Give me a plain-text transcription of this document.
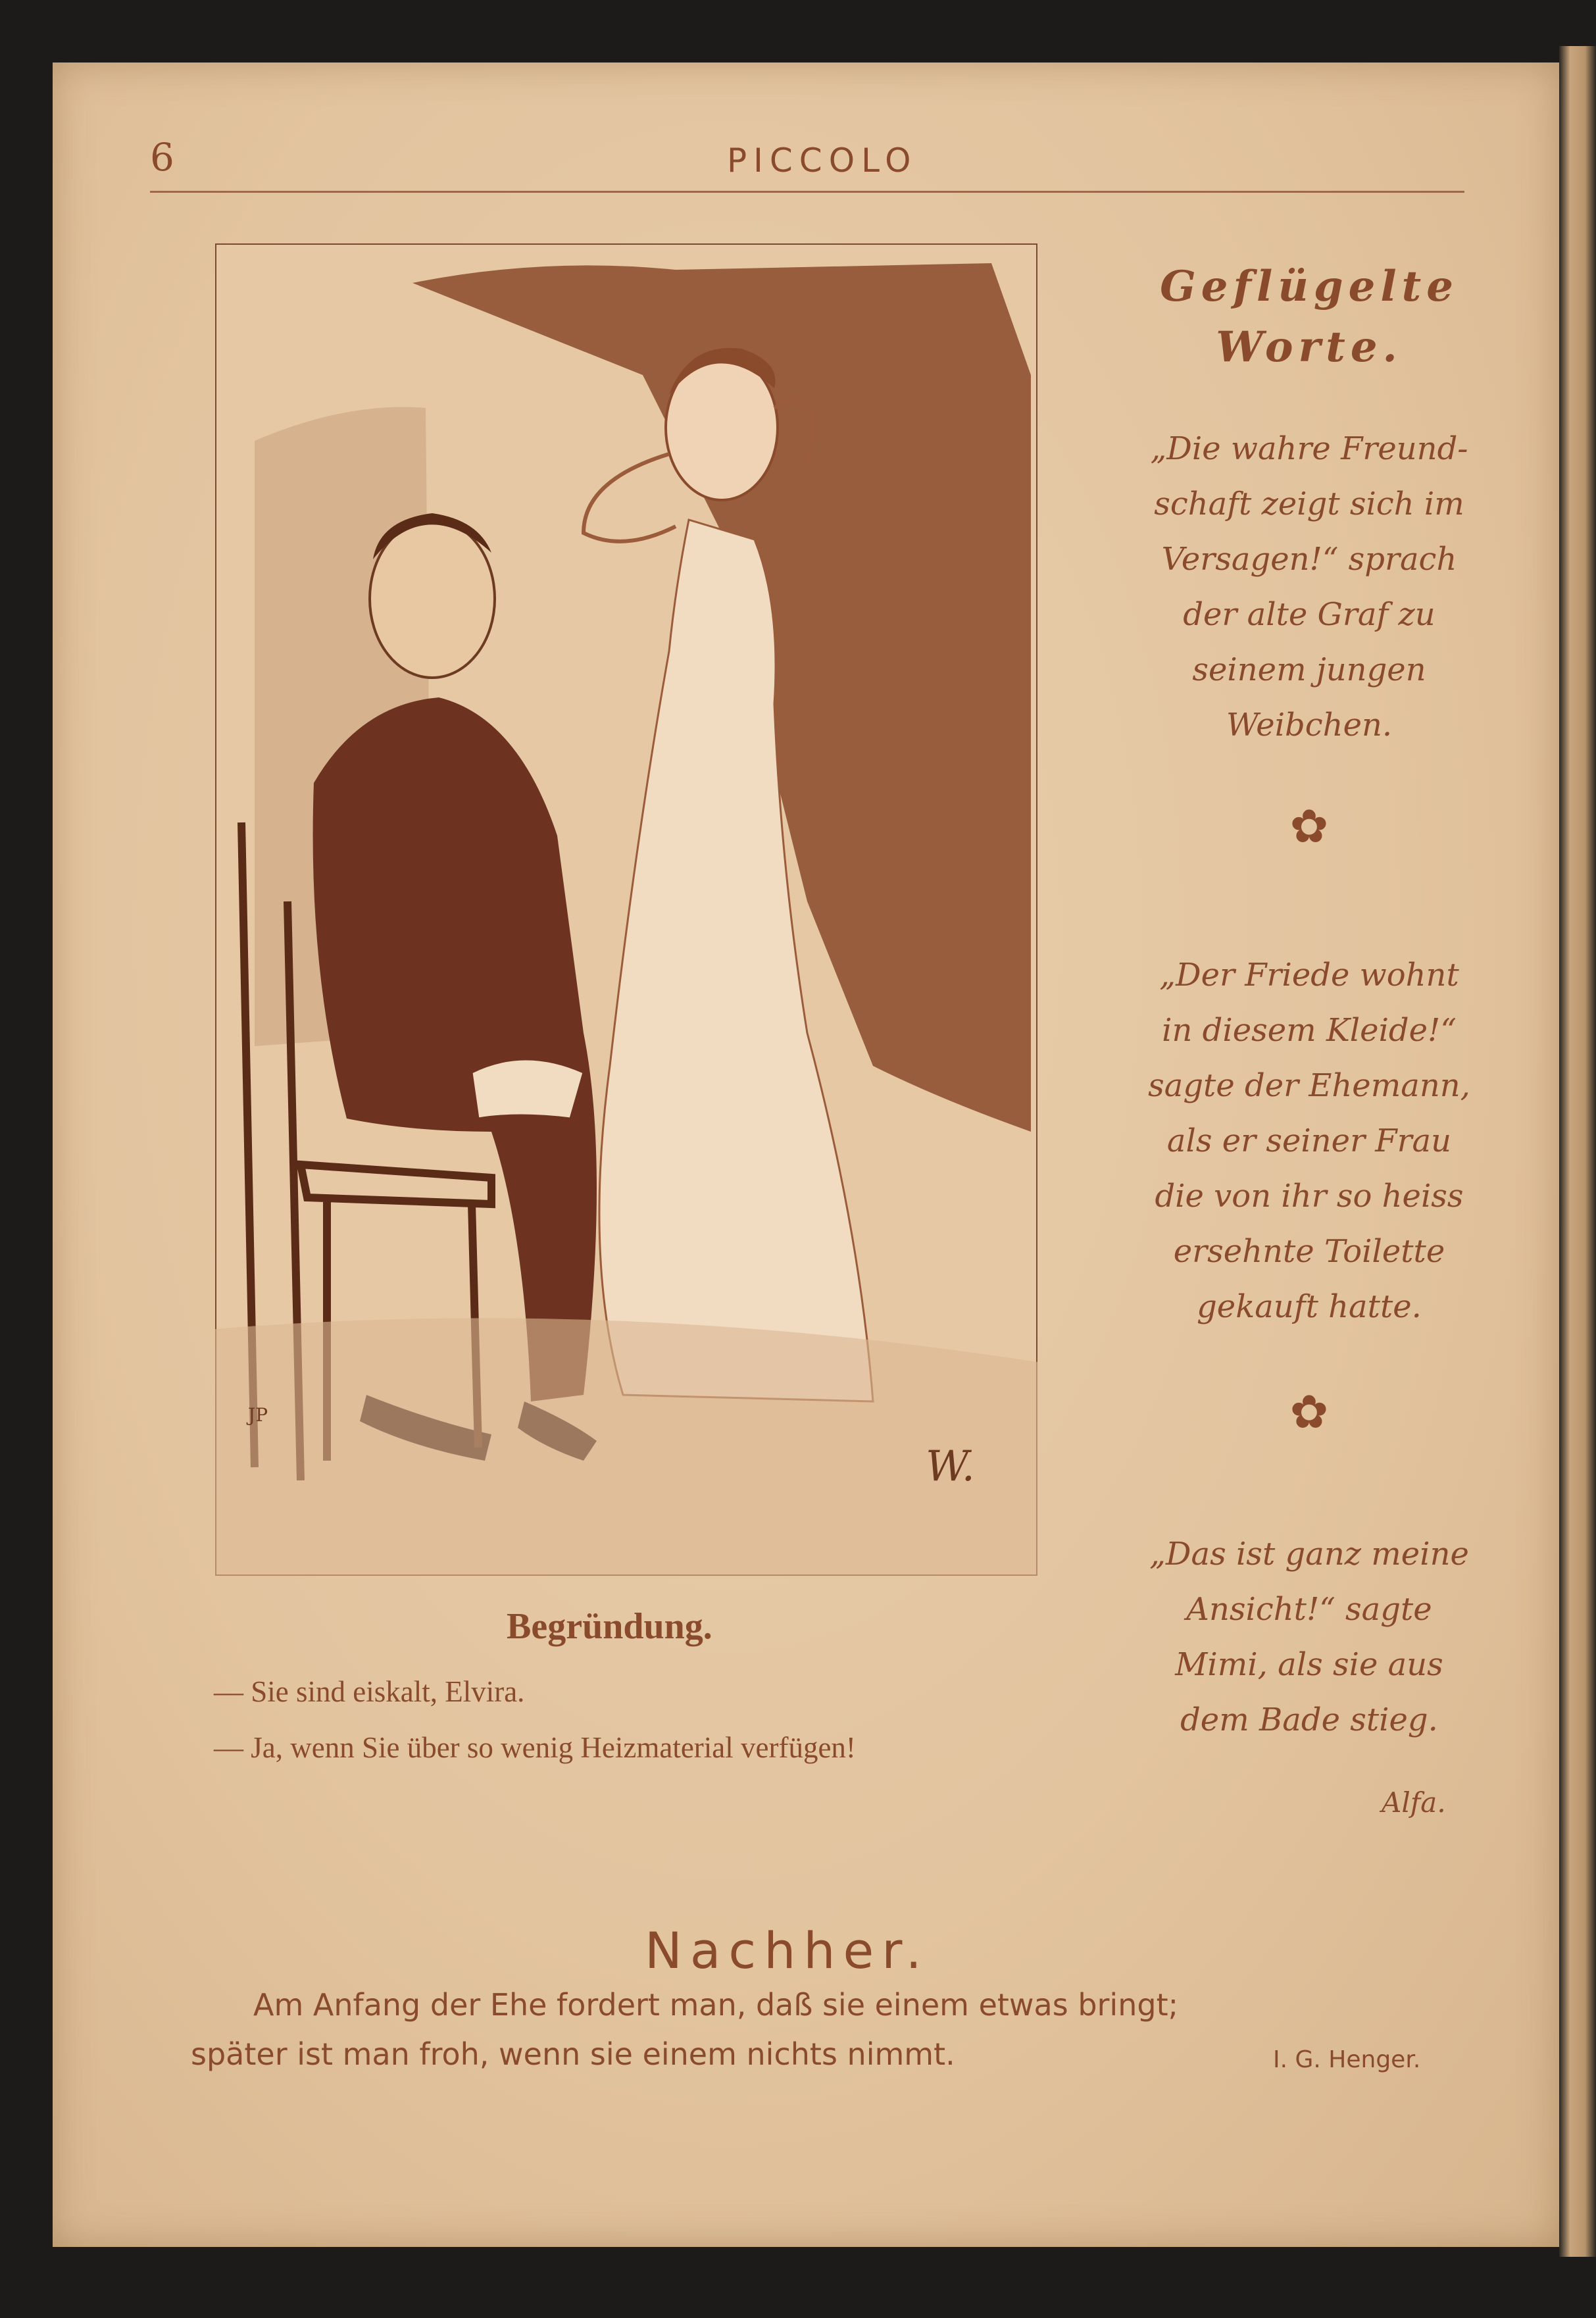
6	PICCOLO
JP
W.
Begründung.
— Sie sind eiskalt, Elvira.
— Ja, wenn Sie über so wenig Heizmaterial verfügen!
Geflügelte
Worte.
„Die wahre Freund-
schaft zeigt sich im
Versagen!“ sprach
der alte Graf zu
seinem jungen
Weibchen.
✿
„Der Friede wohnt
in diesem Kleide!“
sagte der Ehemann,
als er seiner Frau
die von ihr so heiss
ersehnte Toilette
gekauft hatte.
✿
„Das ist ganz meine
Ansicht!“ sagte
Mimi, als sie aus
dem Bade stieg.
Alfa.
Nachher.
Am Anfang der Ehe fordert man, daß sie einem etwas bringt;
später ist man froh, wenn sie einem nichts nimmt.	I. G. Henger.
